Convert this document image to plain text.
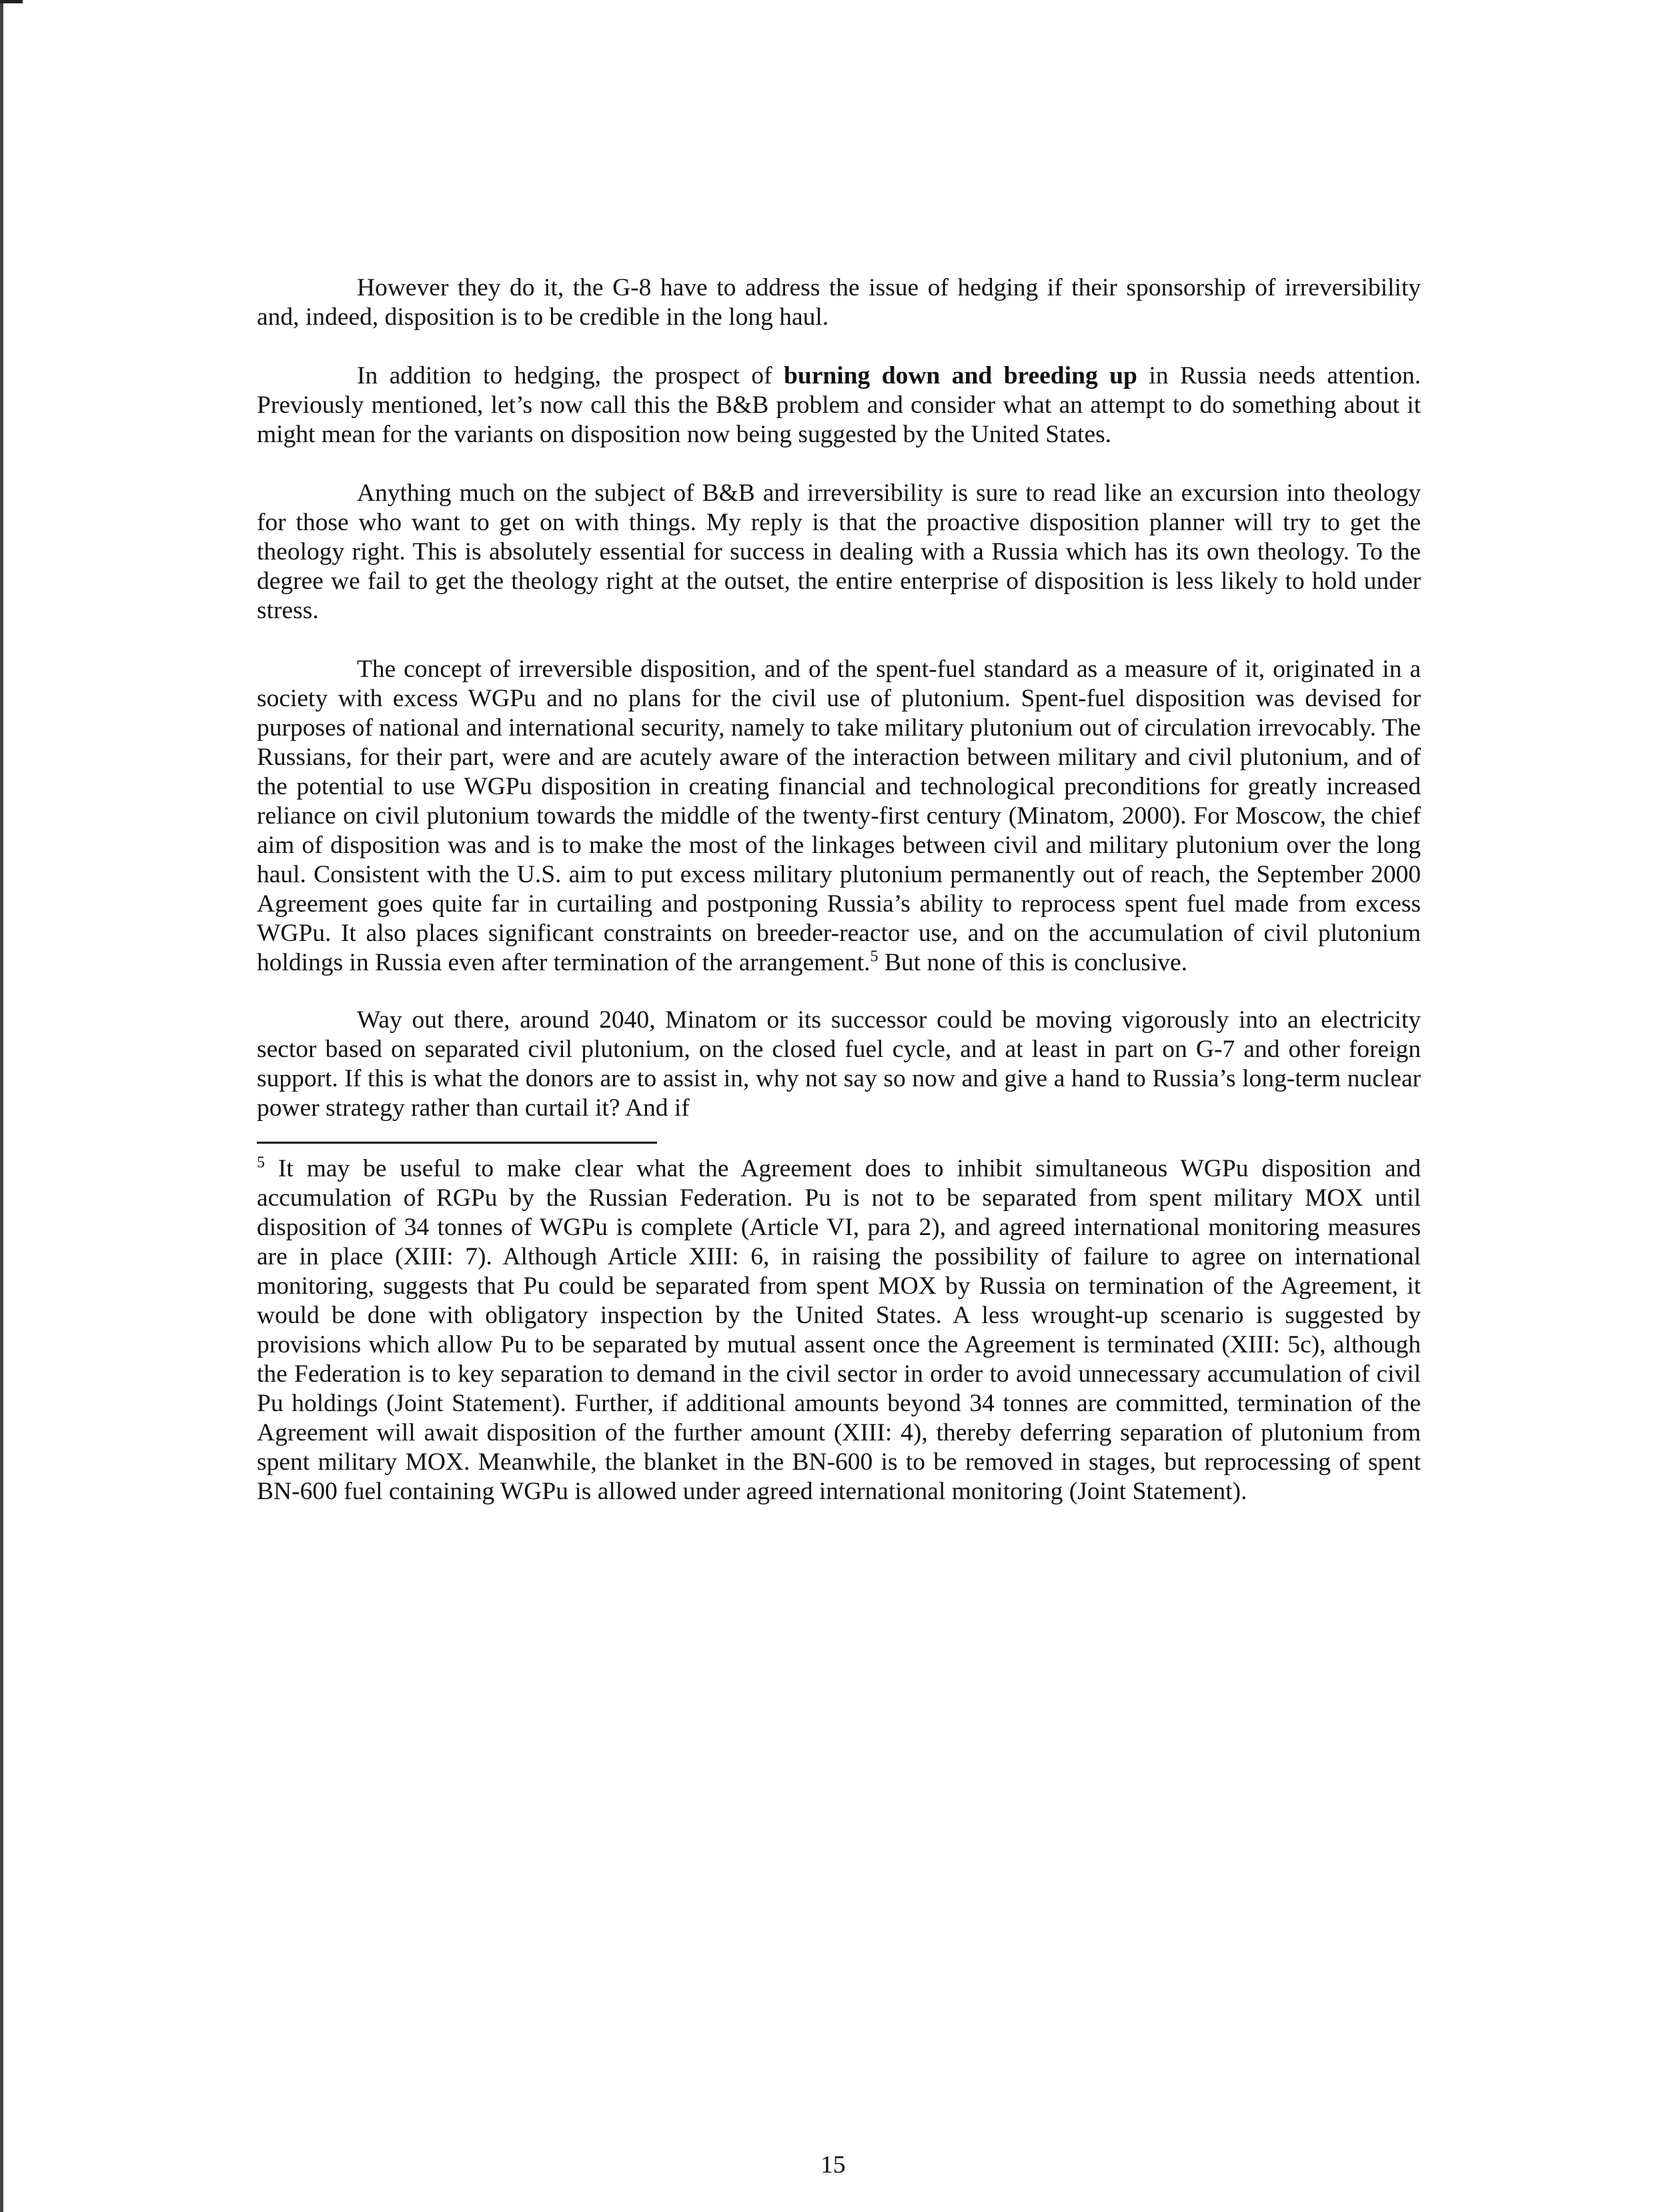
However they do it, the G-8 have to address the issue of hedging if their sponsorship of irreversibility and, indeed, disposition is to be credible in the long haul.

In addition to hedging, the prospect of burning down and breeding up in Russia needs attention. Previously mentioned, let’s now call this the B&B problem and consider what an attempt to do something about it might mean for the variants on disposition now being suggested by the United States.

Anything much on the subject of B&B and irreversibility is sure to read like an excursion into theology for those who want to get on with things. My reply is that the proactive disposition planner will try to get the theology right. This is absolutely essential for success in dealing with a Russia which has its own theology. To the degree we fail to get the theology right at the outset, the entire enterprise of disposition is less likely to hold under stress.

The concept of irreversible disposition, and of the spent-fuel standard as a measure of it, originated in a society with excess WGPu and no plans for the civil use of plutonium. Spent-fuel disposition was devised for purposes of national and international security, namely to take military plutonium out of circulation irrevocably. The Russians, for their part, were and are acutely aware of the interaction between military and civil plutonium, and of the potential to use WGPu disposition in creating financial and technological preconditions for greatly increased reliance on civil plutonium towards the middle of the twenty-first century (Minatom, 2000). For Moscow, the chief aim of disposition was and is to make the most of the linkages between civil and military plutonium over the long haul. Consistent with the U.S. aim to put excess military plutonium permanently out of reach, the September 2000 Agreement goes quite far in curtailing and postponing Russia’s ability to reprocess spent fuel made from excess WGPu. It also places significant constraints on breeder-reactor use, and on the accumulation of civil plutonium holdings in Russia even after termination of the arrangement.$^5$ But none of this is conclusive.

Way out there, around 2040, Minatom or its successor could be moving vigorously into an electricity sector based on separated civil plutonium, on the closed fuel cycle, and at least in part on G-7 and other foreign support. If this is what the donors are to assist in, why not say so now and give a hand to Russia’s long-term nuclear power strategy rather than curtail it? And if

$^5$ It may be useful to make clear what the Agreement does to inhibit simultaneous WGPu disposition and accumulation of RGPu by the Russian Federation. Pu is not to be separated from spent military MOX until disposition of 34 tonnes of WGPu is complete (Article VI, para 2), and agreed international monitoring measures are in place (XIII: 7). Although Article XIII: 6, in raising the possibility of failure to agree on international monitoring, suggests that Pu could be separated from spent MOX by Russia on termination of the Agreement, it would be done with obligatory inspection by the United States. A less wrought-up scenario is suggested by provisions which allow Pu to be separated by mutual assent once the Agreement is terminated (XIII: 5c), although the Federation is to key separation to demand in the civil sector in order to avoid unnecessary accumulation of civil Pu holdings (Joint Statement). Further, if additional amounts beyond 34 tonnes are committed, termination of the Agreement will await disposition of the further amount (XIII: 4), thereby deferring separation of plutonium from spent military MOX. Meanwhile, the blanket in the BN-600 is to be removed in stages, but reprocessing of spent BN-600 fuel containing WGPu is allowed under agreed international monitoring (Joint Statement).

15
